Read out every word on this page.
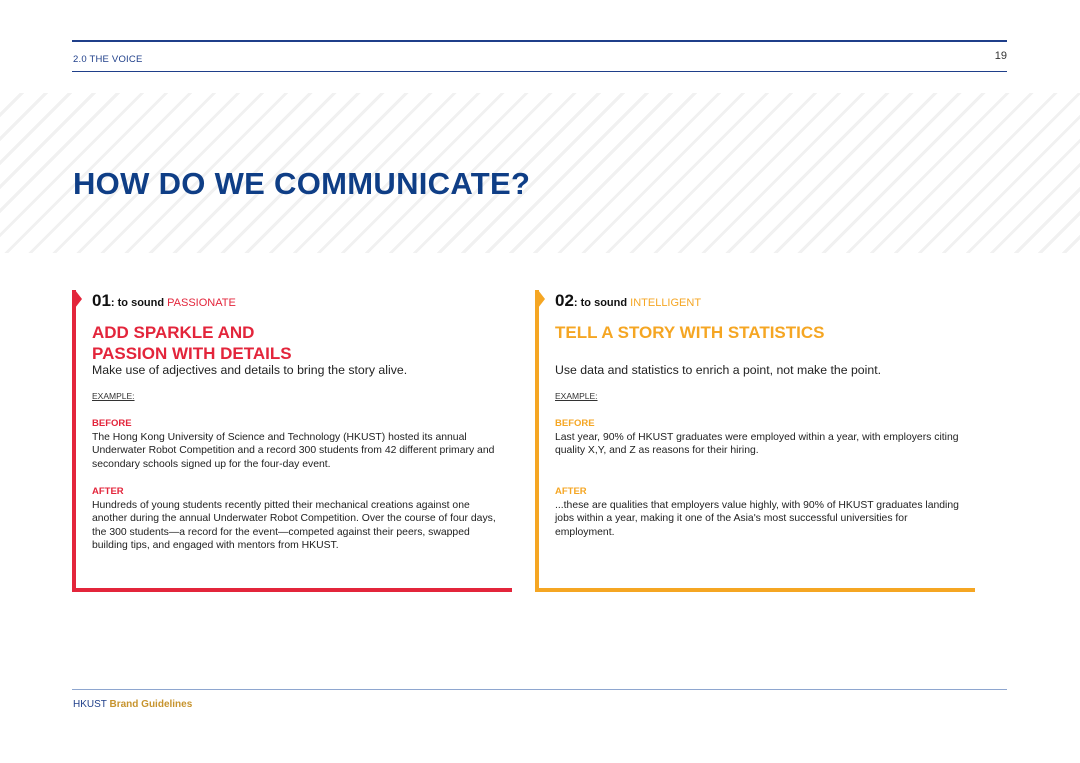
2.0 THE VOICE	19
HOW DO WE COMMUNICATE?
01: to sound PASSIONATE
ADD SPARKLE AND
PASSION WITH DETAILS
Make use of adjectives and details to bring the story alive.
EXAMPLE:
BEFORE
The Hong Kong University of Science and Technology (HKUST) hosted its annual Underwater Robot Competition and a record 300 students from 42 different primary and secondary schools signed up for the four-day event.
AFTER
Hundreds of young students recently pitted their mechanical creations against one another during the annual Underwater Robot Competition. Over the course of four days, the 300 students—a record for the event—competed against their peers, swapped building tips, and engaged with mentors from HKUST.
02: to sound INTELLIGENT
TELL A STORY WITH STATISTICS
Use data and statistics to enrich a point, not make the point.
EXAMPLE:
BEFORE
Last year, 90% of HKUST graduates were employed within a year, with employers citing quality X,Y, and Z as reasons for their hiring.
AFTER
...these are qualities that employers value highly, with 90% of HKUST graduates landing jobs within a year, making it one of the Asia's most successful universities for employment.
HKUST Brand Guidelines
